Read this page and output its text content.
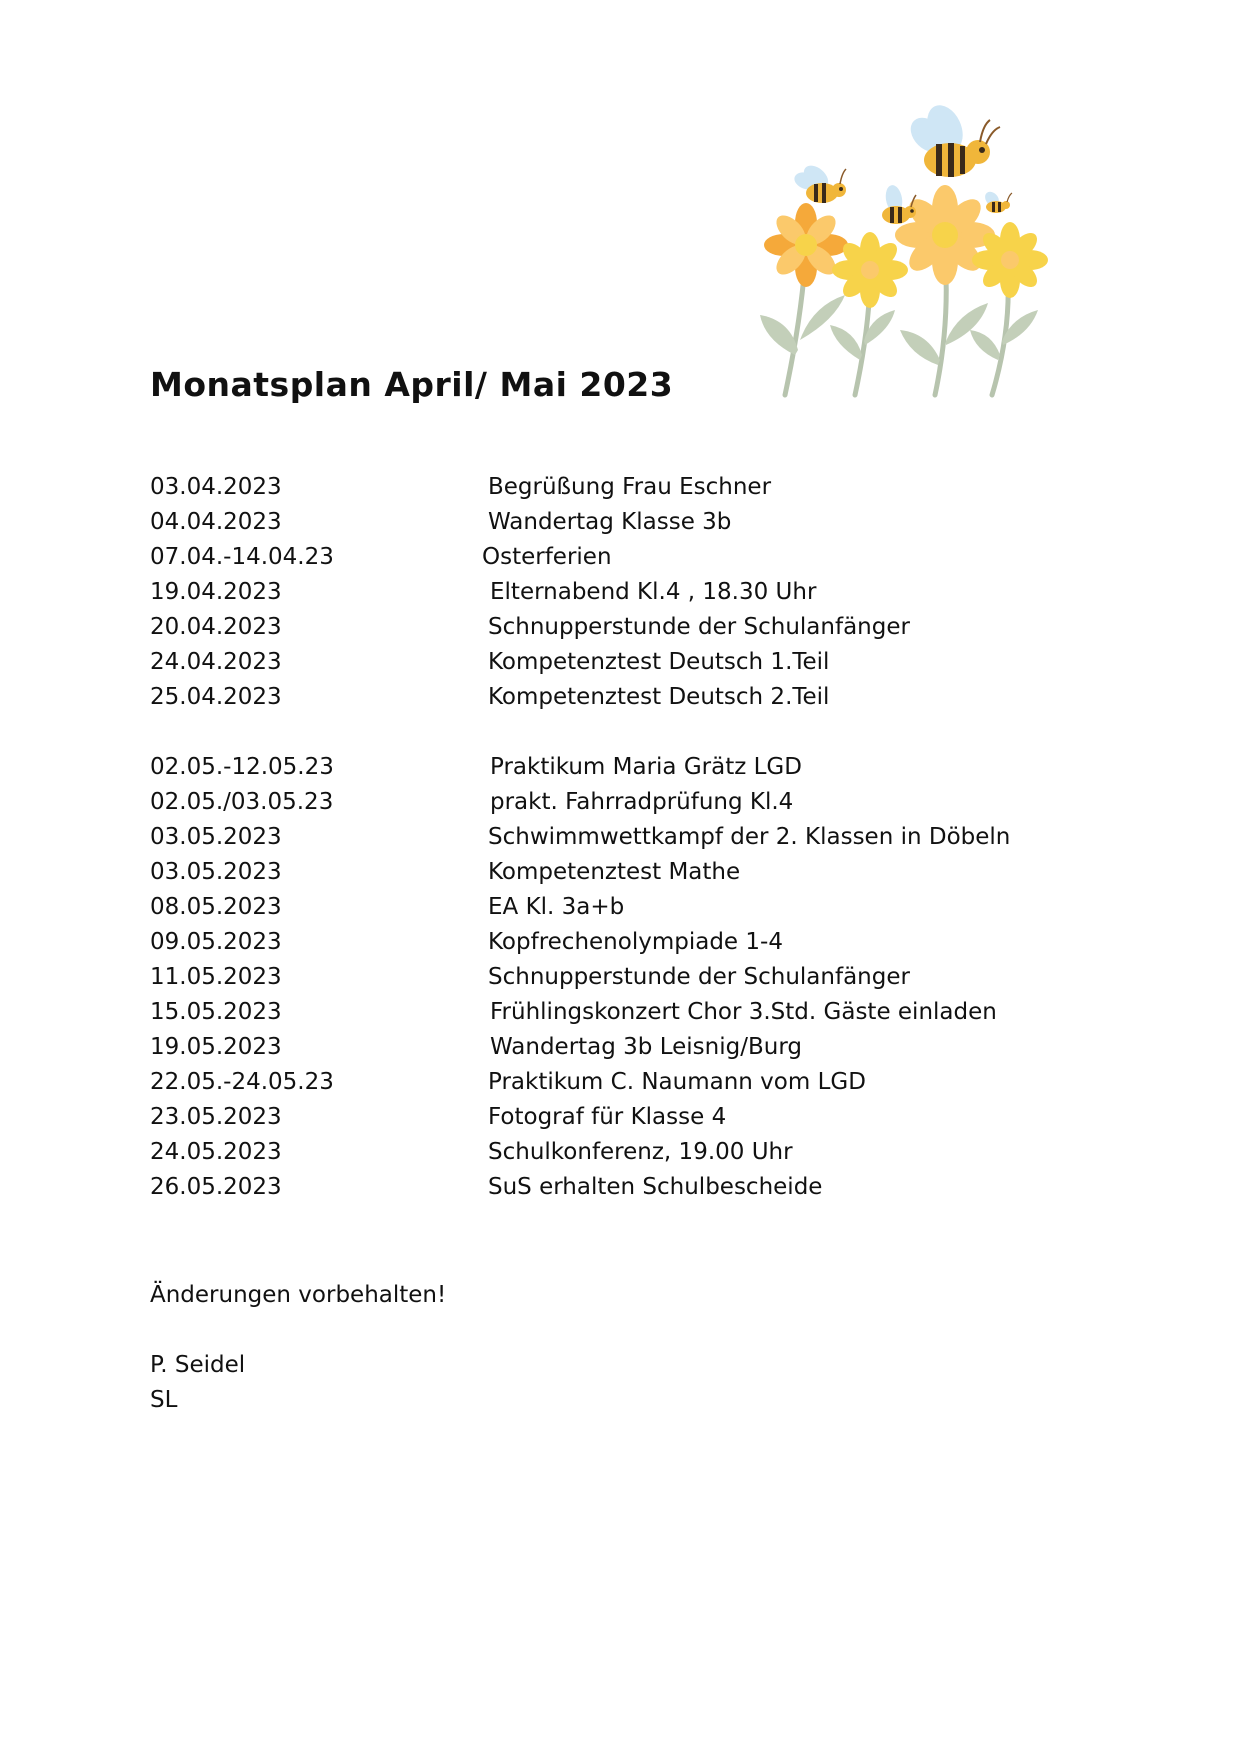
Monatsplan April/ Mai 2023
03.04.2023	Begrüßung Frau Eschner
04.04.2023	Wandertag Klasse 3b
07.04.-14.04.23	Osterferien
19.04.2023	Elternabend Kl.4 , 18.30 Uhr
20.04.2023	Schnupperstunde der Schulanfänger
24.04.2023	Kompetenztest Deutsch 1.Teil
25.04.2023	Kompetenztest Deutsch 2.Teil
02.05.-12.05.23	Praktikum Maria Grätz LGD
02.05./03.05.23	prakt. Fahrradprüfung Kl.4
03.05.2023	Schwimmwettkampf der 2. Klassen in Döbeln
03.05.2023	Kompetenztest Mathe
08.05.2023	EA Kl. 3a+b
09.05.2023	Kopfrechenolympiade 1-4
11.05.2023	Schnupperstunde der Schulanfänger
15.05.2023	Frühlingskonzert Chor 3.Std. Gäste einladen
19.05.2023	Wandertag 3b Leisnig/Burg
22.05.-24.05.23	Praktikum C. Naumann vom LGD
23.05.2023	Fotograf für Klasse 4
24.05.2023	Schulkonferenz, 19.00 Uhr
26.05.2023	SuS erhalten Schulbescheide
Änderungen vorbehalten!
P. Seidel
SL
